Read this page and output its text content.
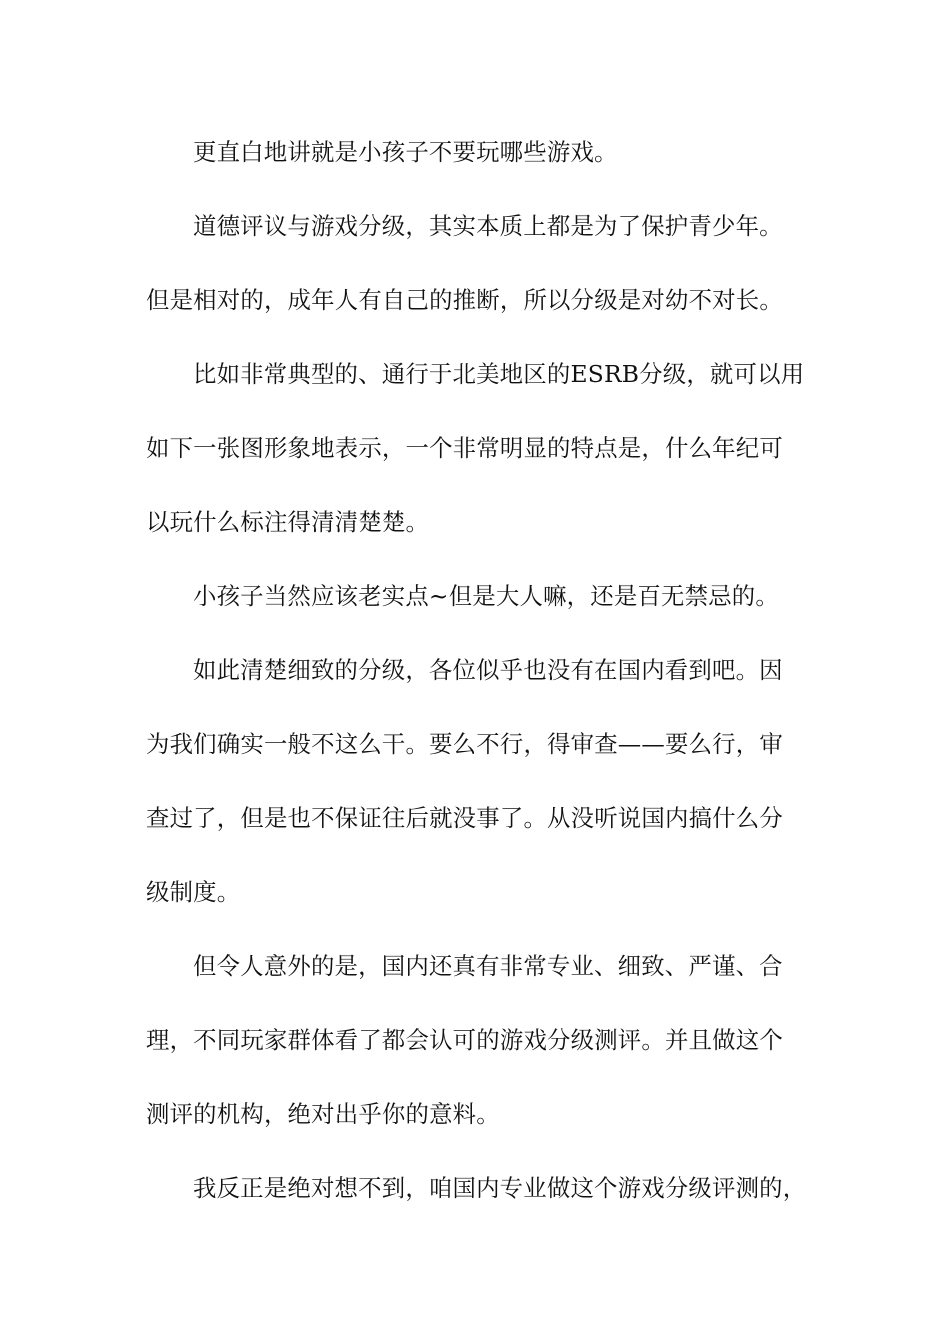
更直白地讲就是小孩子不要玩哪些游戏。
道德评议与游戏分级，其实本质上都是为了保护青少年。
但是相对的，成年人有自己的推断，所以分级是对幼不对长。
比如非常典型的、通行于北美地区的ESRB分级，就可以用
如下一张图形象地表示，一个非常明显的特点是，什么年纪可
以玩什么标注得清清楚楚。
小孩子当然应该老实点~但是大人嘛，还是百无禁忌的。
如此清楚细致的分级，各位似乎也没有在国内看到吧。因
为我们确实一般不这么干。要么不行，得审查——要么行，审
查过了，但是也不保证往后就没事了。从没听说国内搞什么分
级制度。
但令人意外的是，国内还真有非常专业、细致、严谨、合
理，不同玩家群体看了都会认可的游戏分级测评。并且做这个
测评的机构，绝对出乎你的意料。
我反正是绝对想不到，咱国内专业做这个游戏分级评测的，
